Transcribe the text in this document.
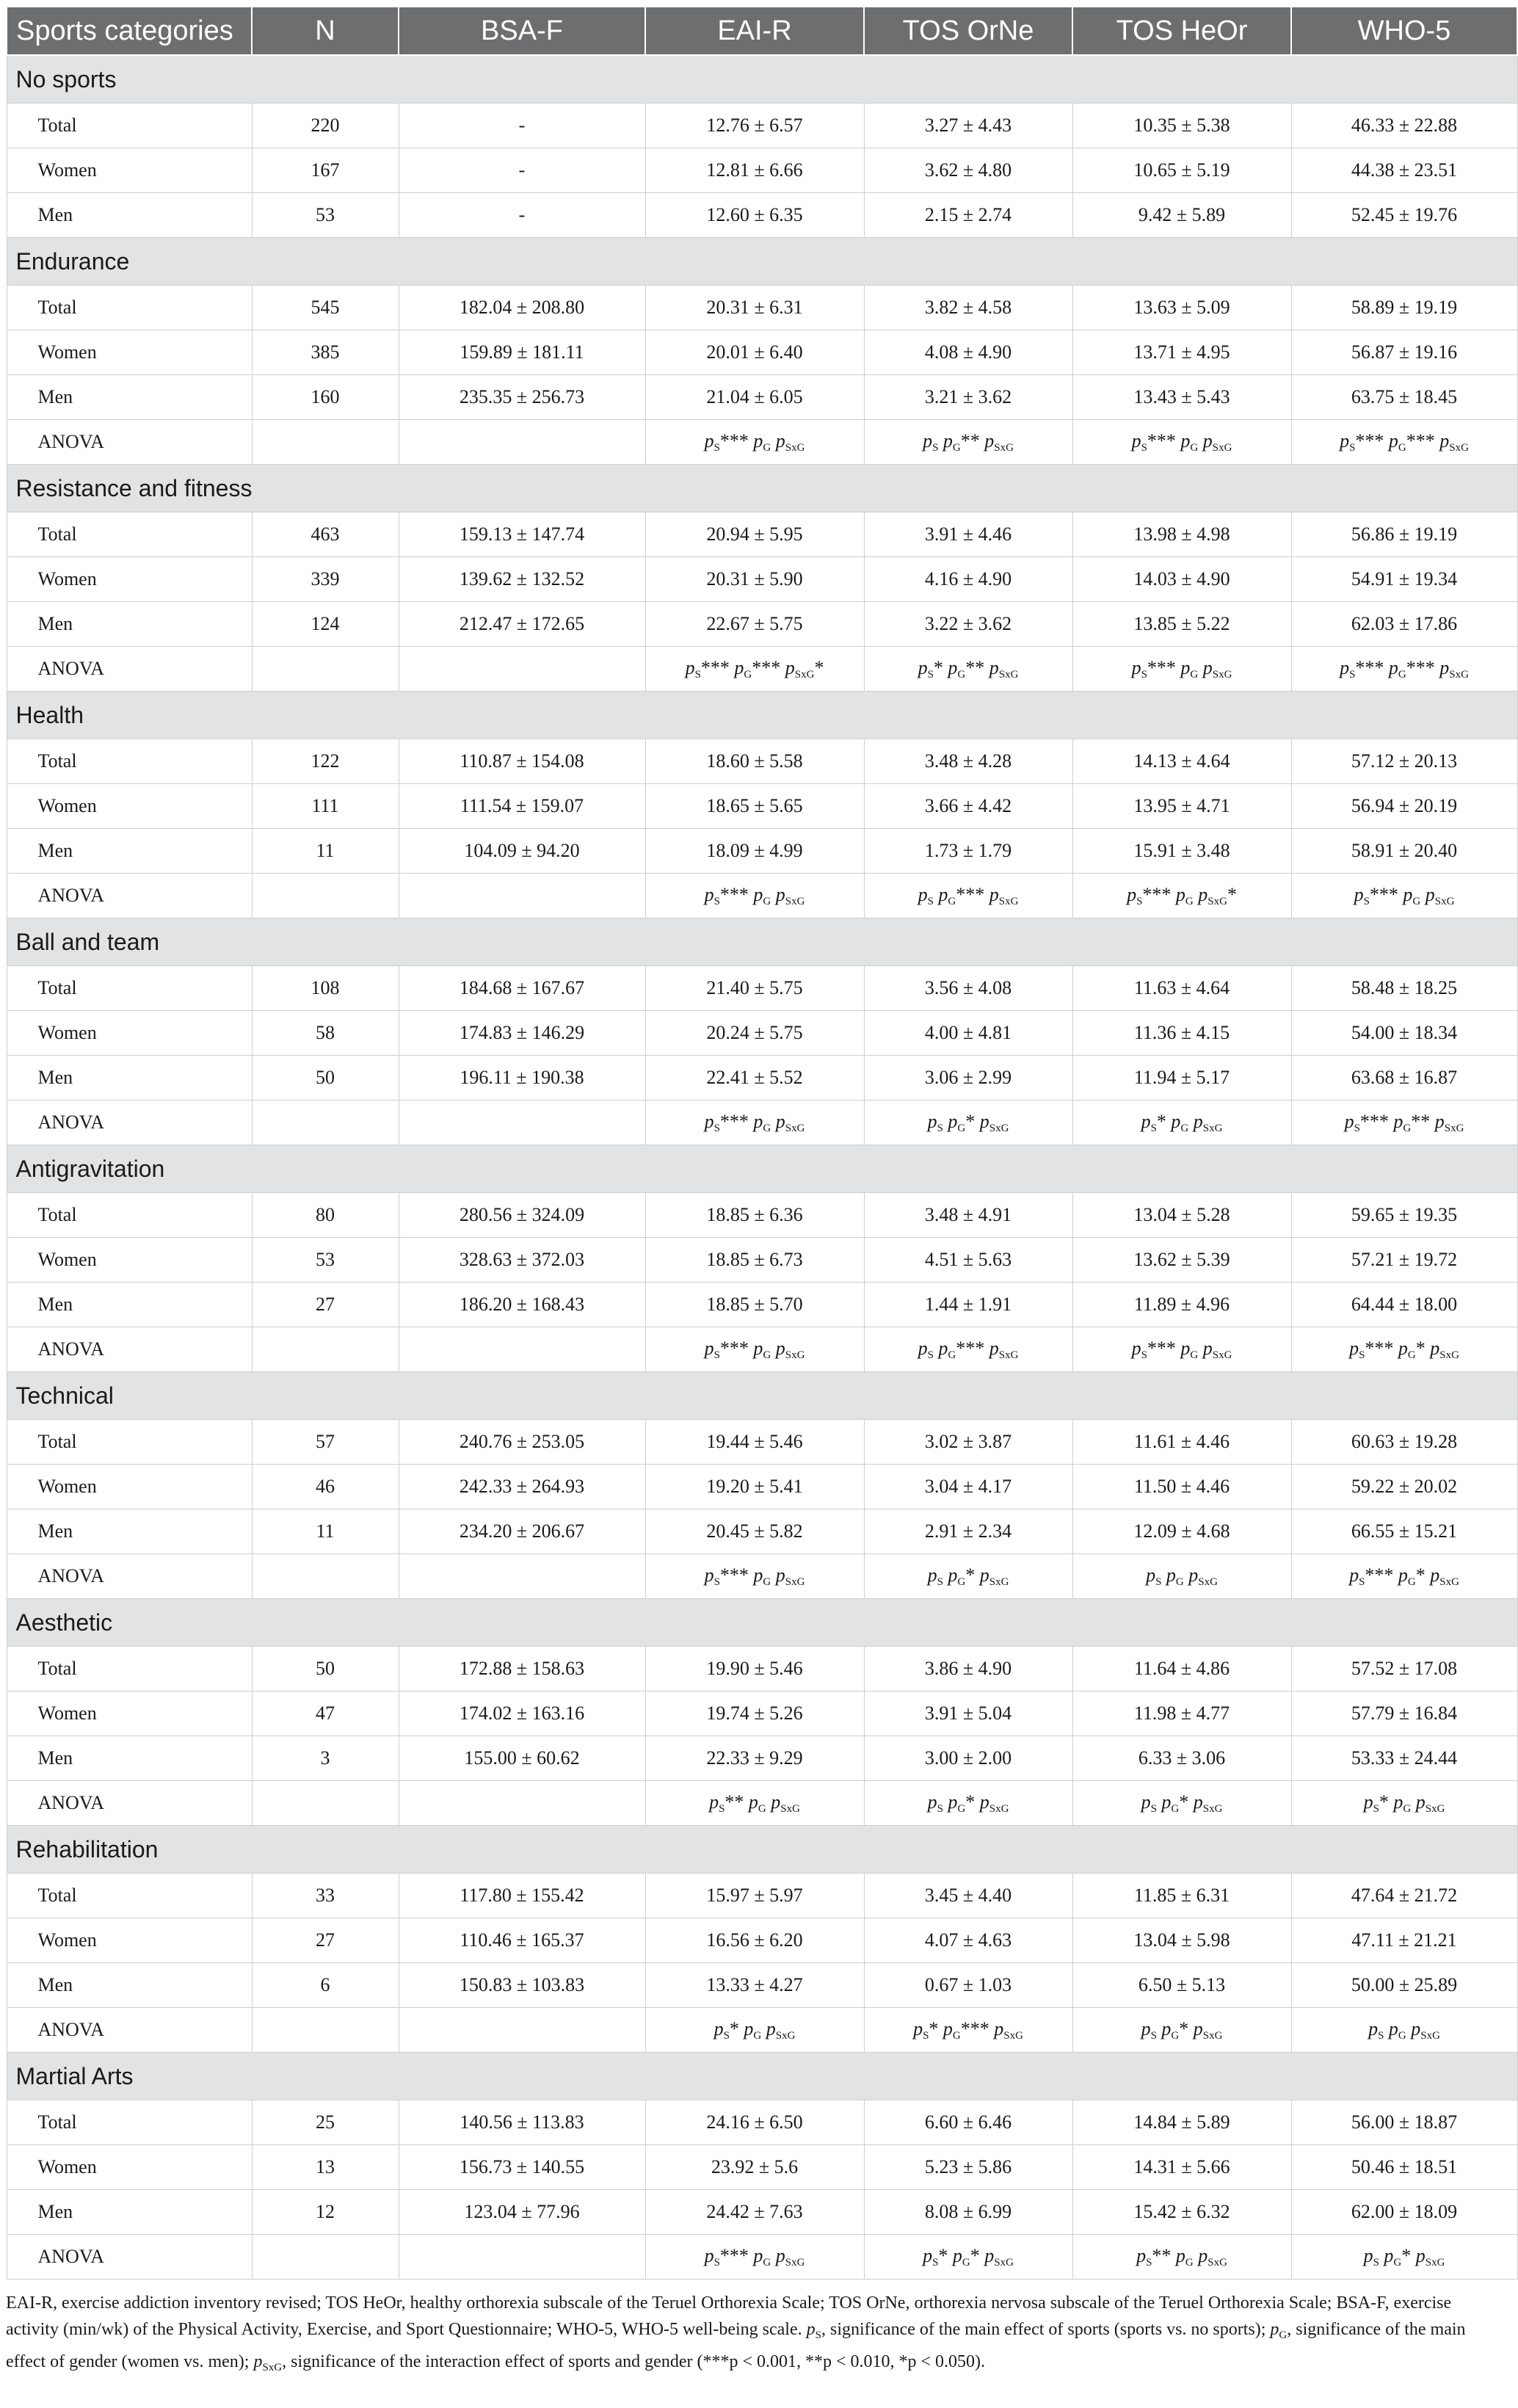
Sports categories	N	BSA-F	EAI-R	TOS OrNe	TOS HeOr	WHO-5
No sports						
Total	220	-	12.76 ± 6.57	3.27 ± 4.43	10.35 ± 5.38	46.33 ± 22.88
Women	167	-	12.81 ± 6.66	3.62 ± 4.80	10.65 ± 5.19	44.38 ± 23.51
Men	53	-	12.60 ± 6.35	2.15 ± 2.74	9.42 ± 5.89	52.45 ± 19.76
Endurance						
Total	545	182.04 ± 208.80	20.31 ± 6.31	3.82 ± 4.58	13.63 ± 5.09	58.89 ± 19.19
Women	385	159.89 ± 181.11	20.01 ± 6.40	4.08 ± 4.90	13.71 ± 4.95	56.87 ± 19.16
Men	160	235.35 ± 256.73	21.04 ± 6.05	3.21 ± 3.62	13.43 ± 5.43	63.75 ± 18.45
ANOVA			$p_S***$ $p_G$ $p_{SxG}$	$p_S$ $p_G**$ $p_{SxG}$	$p_S***$ $p_G$ $p_{SxG}$	$p_S***$ $p_G***$ $p_{SxG}$
Resistance and fitness						
Total	463	159.13 ± 147.74	20.94 ± 5.95	3.91 ± 4.46	13.98 ± 4.98	56.86 ± 19.19
Women	339	139.62 ± 132.52	20.31 ± 5.90	4.16 ± 4.90	14.03 ± 4.90	54.91 ± 19.34
Men	124	212.47 ± 172.65	22.67 ± 5.75	3.22 ± 3.62	13.85 ± 5.22	62.03 ± 17.86
ANOVA			$p_S***$ $p_G***$ $p_{SxG}*$	$p_S*$ $p_G**$ $p_{SxG}$	$p_S***$ $p_G$ $p_{SxG}$	$p_S***$ $p_G***$ $p_{SxG}$
Health						
Total	122	110.87 ± 154.08	18.60 ± 5.58	3.48 ± 4.28	14.13 ± 4.64	57.12 ± 20.13
Women	111	111.54 ± 159.07	18.65 ± 5.65	3.66 ± 4.42	13.95 ± 4.71	56.94 ± 20.19
Men	11	104.09 ± 94.20	18.09 ± 4.99	1.73 ± 1.79	15.91 ± 3.48	58.91 ± 20.40
ANOVA			$p_S***$ $p_G$ $p_{SxG}$	$p_S$ $p_G***$ $p_{SxG}$	$p_S***$ $p_G$ $p_{SxG}*$	$p_S***$ $p_G$ $p_{SxG}$
Ball and team						
Total	108	184.68 ± 167.67	21.40 ± 5.75	3.56 ± 4.08	11.63 ± 4.64	58.48 ± 18.25
Women	58	174.83 ± 146.29	20.24 ± 5.75	4.00 ± 4.81	11.36 ± 4.15	54.00 ± 18.34
Men	50	196.11 ± 190.38	22.41 ± 5.52	3.06 ± 2.99	11.94 ± 5.17	63.68 ± 16.87
ANOVA			$p_S***$ $p_G$ $p_{SxG}$	$p_S$ $p_G*$ $p_{SxG}$	$p_S*$ $p_G$ $p_{SxG}$	$p_S***$ $p_G**$ $p_{SxG}$
Antigravitation						
Total	80	280.56 ± 324.09	18.85 ± 6.36	3.48 ± 4.91	13.04 ± 5.28	59.65 ± 19.35
Women	53	328.63 ± 372.03	18.85 ± 6.73	4.51 ± 5.63	13.62 ± 5.39	57.21 ± 19.72
Men	27	186.20 ± 168.43	18.85 ± 5.70	1.44 ± 1.91	11.89 ± 4.96	64.44 ± 18.00
ANOVA			$p_S***$ $p_G$ $p_{SxG}$	$p_S$ $p_G***$ $p_{SxG}$	$p_S***$ $p_G$ $p_{SxG}$	$p_S***$ $p_G*$ $p_{SxG}$
Technical						
Total	57	240.76 ± 253.05	19.44 ± 5.46	3.02 ± 3.87	11.61 ± 4.46	60.63 ± 19.28
Women	46	242.33 ± 264.93	19.20 ± 5.41	3.04 ± 4.17	11.50 ± 4.46	59.22 ± 20.02
Men	11	234.20 ± 206.67	20.45 ± 5.82	2.91 ± 2.34	12.09 ± 4.68	66.55 ± 15.21
ANOVA			$p_S***$ $p_G$ $p_{SxG}$	$p_S$ $p_G*$ $p_{SxG}$	$p_S$ $p_G$ $p_{SxG}$	$p_S***$ $p_G*$ $p_{SxG}$
Aesthetic						
Total	50	172.88 ± 158.63	19.90 ± 5.46	3.86 ± 4.90	11.64 ± 4.86	57.52 ± 17.08
Women	47	174.02 ± 163.16	19.74 ± 5.26	3.91 ± 5.04	11.98 ± 4.77	57.79 ± 16.84
Men	3	155.00 ± 60.62	22.33 ± 9.29	3.00 ± 2.00	6.33 ± 3.06	53.33 ± 24.44
ANOVA			$p_S**$ $p_G$ $p_{SxG}$	$p_S$ $p_G*$ $p_{SxG}$	$p_S$ $p_G*$ $p_{SxG}$	$p_S*$ $p_G$ $p_{SxG}$
Rehabilitation						
Total	33	117.80 ± 155.42	15.97 ± 5.97	3.45 ± 4.40	11.85 ± 6.31	47.64 ± 21.72
Women	27	110.46 ± 165.37	16.56 ± 6.20	4.07 ± 4.63	13.04 ± 5.98	47.11 ± 21.21
Men	6	150.83 ± 103.83	13.33 ± 4.27	0.67 ± 1.03	6.50 ± 5.13	50.00 ± 25.89
ANOVA			$p_S*$ $p_G$ $p_{SxG}$	$p_S*$ $p_G***$ $p_{SxG}$	$p_S$ $p_G*$ $p_{SxG}$	$p_S$ $p_G$ $p_{SxG}$
Martial Arts						
Total	25	140.56 ± 113.83	24.16 ± 6.50	6.60 ± 6.46	14.84 ± 5.89	56.00 ± 18.87
Women	13	156.73 ± 140.55	23.92 ± 5.6	5.23 ± 5.86	14.31 ± 5.66	50.46 ± 18.51
Men	12	123.04 ± 77.96	24.42 ± 7.63	8.08 ± 6.99	15.42 ± 6.32	62.00 ± 18.09
ANOVA			$p_S***$ $p_G$ $p_{SxG}$	$p_S*$ $p_G*$ $p_{SxG}$	$p_S**$ $p_G$ $p_{SxG}$	$p_S$ $p_G*$ $p_{SxG}$
EAI-R, exercise addiction inventory revised; TOS HeOr, healthy orthorexia subscale of the Teruel Orthorexia Scale; TOS OrNe, orthorexia nervosa subscale of the Teruel Orthorexia Scale; BSA-F, exercise activity (min/wk) of the Physical Activity, Exercise, and Sport Questionnaire; WHO-5, WHO-5 well-being scale. $p_S$, significance of the main effect of sports (sports vs. no sports); $p_G$, significance of the main effect of gender (women vs. men); $p_{SxG}$, significance of the interaction effect of sports and gender (***p < 0.001, **p < 0.010, *p < 0.050).
